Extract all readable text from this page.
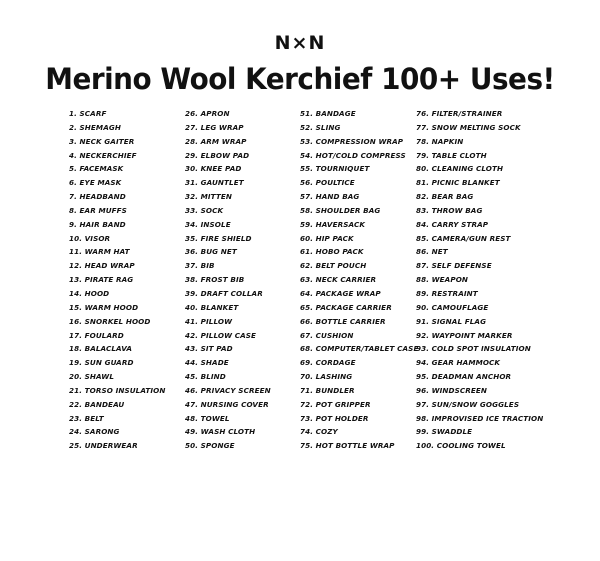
N×N
Merino Wool Kerchief 100+ Uses!
1. SCARF
2. SHEMAGH
3. NECK GAITER
4. NECKERCHIEF
5. FACEMASK
6. EYE MASK
7. HEADBAND
8. EAR MUFFS
9. HAIR BAND
10. VISOR
11. WARM HAT
12. HEAD WRAP
13. PIRATE RAG
14. HOOD
15. WARM HOOD
16. SNORKEL HOOD
17. FOULARD
18. BALACLAVA
19. SUN GUARD
20. SHAWL
21. TORSO INSULATION
22. BANDEAU
23. BELT
24. SARONG
25. UNDERWEAR
26. APRON
27. LEG WRAP
28. ARM WRAP
29. ELBOW PAD
30. KNEE PAD
31. GAUNTLET
32. MITTEN
33. SOCK
34. INSOLE
35. FIRE SHIELD
36. BUG NET
37. BIB
38. FROST BIB
39. DRAFT COLLAR
40. BLANKET
41. PILLOW
42. PILLOW CASE
43. SIT PAD
44. SHADE
45. BLIND
46. PRIVACY SCREEN
47. NURSING COVER
48. TOWEL
49. WASH CLOTH
50. SPONGE
51. BANDAGE
52. SLING
53. COMPRESSION WRAP
54. HOT/COLD COMPRESS
55. TOURNIQUET
56. POULTICE
57. HAND BAG
58. SHOULDER BAG
59. HAVERSACK
60. HIP PACK
61. HOBO PACK
62. BELT POUCH
63. NECK CARRIER
64. PACKAGE WRAP
65. PACKAGE CARRIER
66. BOTTLE CARRIER
67. CUSHION
68. COMPUTER/TABLET CASE
69. CORDAGE
70. LASHING
71. BUNDLER
72. POT GRIPPER
73. POT HOLDER
74. COZY
75. HOT BOTTLE WRAP
76. FILTER/STRAINER
77. SNOW MELTING SOCK
78. NAPKIN
79. TABLE CLOTH
80. CLEANING CLOTH
81. PICNIC BLANKET
82. BEAR BAG
83. THROW BAG
84. CARRY STRAP
85. CAMERA/GUN REST
86. NET
87. SELF DEFENSE
88. WEAPON
89. RESTRAINT
90. CAMOUFLAGE
91. SIGNAL FLAG
92. WAYPOINT MARKER
93. COLD SPOT INSULATION
94. GEAR HAMMOCK
95. DEADMAN ANCHOR
96. WINDSCREEN
97. SUN/SNOW GOGGLES
98. IMPROVISED ICE TRACTION
99. SWADDLE
100. COOLING TOWEL
